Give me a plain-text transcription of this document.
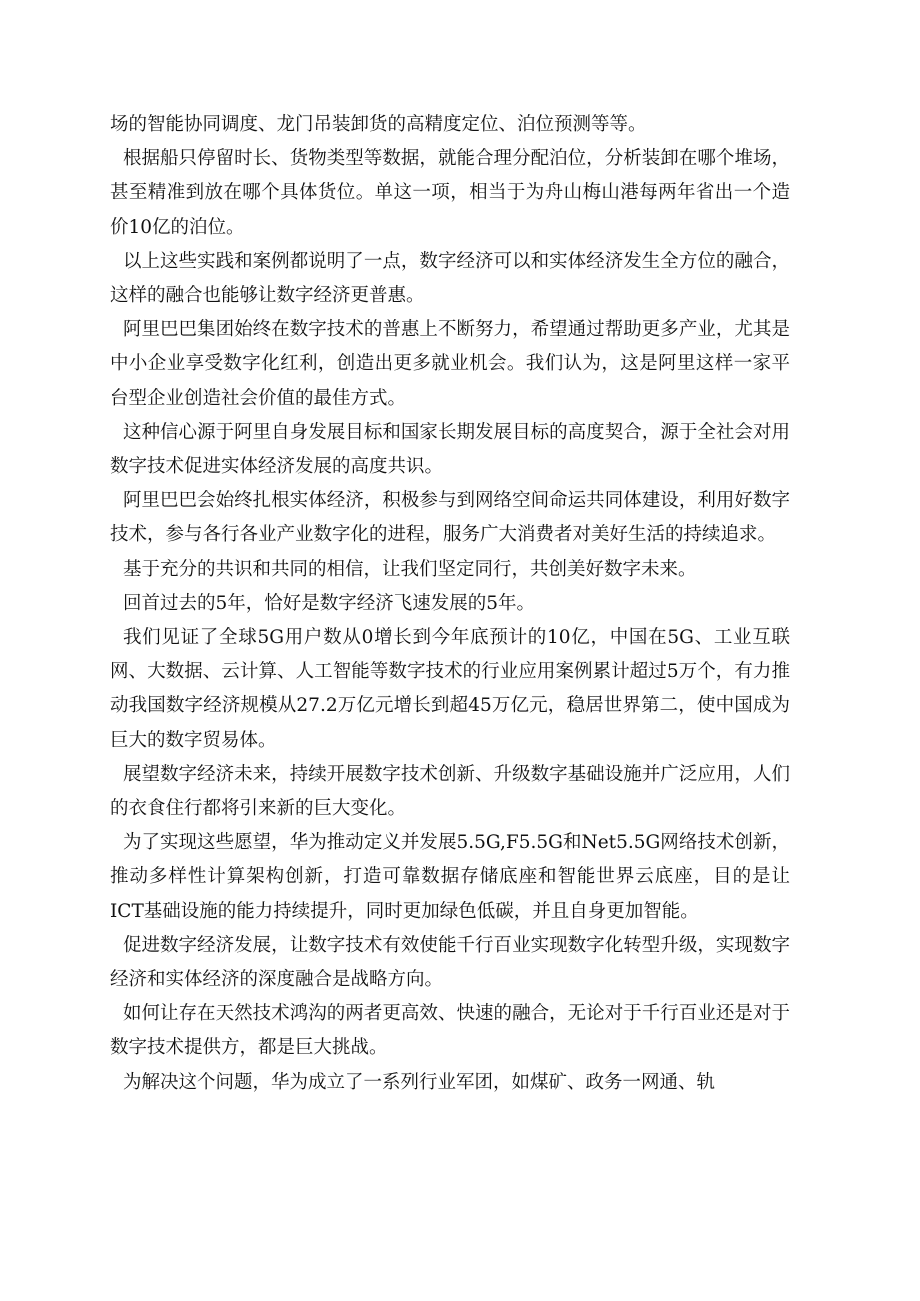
场的智能协同调度、龙门吊装卸货的高精度定位、泊位预测等等。

根据船只停留时长、货物类型等数据，就能合理分配泊位，分析装卸在哪个堆场，甚至精准到放在哪个具体货位。单这一项，相当于为舟山梅山港每两年省出一个造价10亿的泊位。

以上这些实践和案例都说明了一点，数字经济可以和实体经济发生全方位的融合，这样的融合也能够让数字经济更普惠。

阿里巴巴集团始终在数字技术的普惠上不断努力，希望通过帮助更多产业，尤其是中小企业享受数字化红利，创造出更多就业机会。我们认为，这是阿里这样一家平台型企业创造社会价值的最佳方式。

这种信心源于阿里自身发展目标和国家长期发展目标的高度契合，源于全社会对用数字技术促进实体经济发展的高度共识。

阿里巴巴会始终扎根实体经济，积极参与到网络空间命运共同体建设，利用好数字技术，参与各行各业产业数字化的进程，服务广大消费者对美好生活的持续追求。

基于充分的共识和共同的相信，让我们坚定同行，共创美好数字未来。

回首过去的5年，恰好是数字经济飞速发展的5年。

我们见证了全球5G用户数从0增长到今年底预计的10亿，中国在5G、工业互联网、大数据、云计算、人工智能等数字技术的行业应用案例累计超过5万个，有力推动我国数字经济规模从27.2万亿元增长到超45万亿元，稳居世界第二，使中国成为巨大的数字贸易体。

展望数字经济未来，持续开展数字技术创新、升级数字基础设施并广泛应用，人们的衣食住行都将引来新的巨大变化。

为了实现这些愿望，华为推动定义并发展5.5G,F5.5G和Net5.5G网络技术创新，推动多样性计算架构创新，打造可靠数据存储底座和智能世界云底座，目的是让ICT基础设施的能力持续提升，同时更加绿色低碳，并且自身更加智能。

促进数字经济发展，让数字技术有效使能千行百业实现数字化转型升级，实现数字经济和实体经济的深度融合是战略方向。

如何让存在天然技术鸿沟的两者更高效、快速的融合，无论对于千行百业还是对于数字技术提供方，都是巨大挑战。

为解决这个问题，华为成立了一系列行业军团，如煤矿、政务一网通、轨
